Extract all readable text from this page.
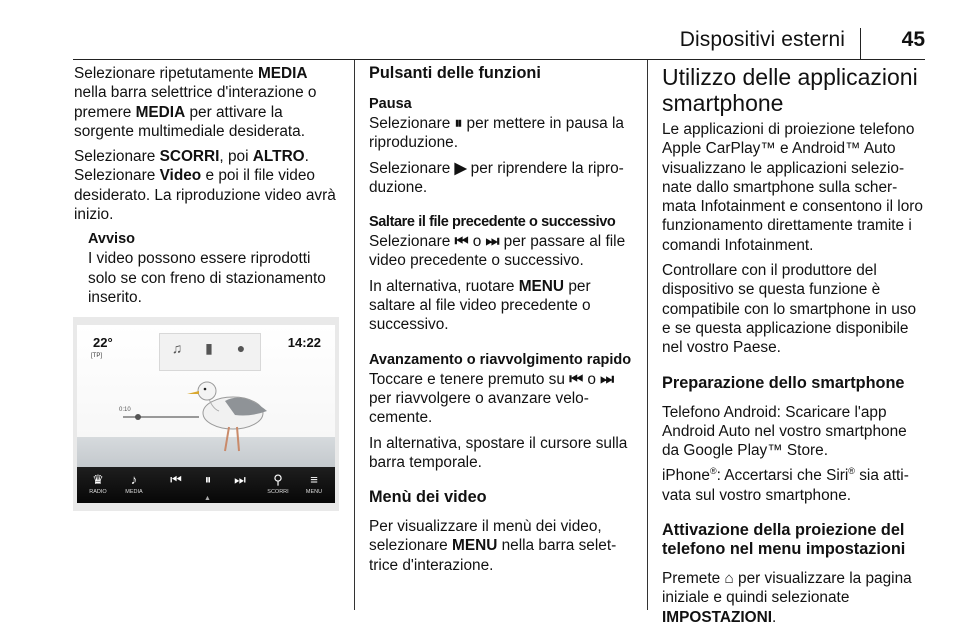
Dispositivi esterni	45

Selezionare ripetutamente MEDIA nella barra selettrice d'interazione o premere MEDIA per attivare la sorgente multimediale desiderata.

Selezionare SCORRI, poi ALTRO. Selezionare Video e poi il file video desiderato. La riproduzione video avrà inizio.

Avviso
I video possono essere riprodotti solo se con freno di stazionamento inserito.
22°
[TP]
14:22
♫	▮	●
0:10
♛
RADIO
♪
MEDIA
⏮	⏸	⏭	⚲
SCORRI
≡
MENU
▲
Pulsanti delle funzioni
Pausa

Selezionare ⏸ per mettere in pausa la riproduzione.

Selezionare ▶ per riprendere la ripro-duzione.

Saltare il file precedente o successivo

Selezionare ⏮ o ⏭ per passare al file video precedente o successivo.

In alternativa, ruotare MENU per saltare al file video precedente o successivo.

Avanzamento o riavvolgimento rapido

Toccare e tenere premuto su ⏮ o ⏭ per riavvolgere o avanzare velo-cemente.

In alternativa, spostare il cursore sulla barra temporale.

Menù dei video

Per visualizzare il menù dei video, selezionare MENU nella barra selet-trice d'interazione.

Utilizzo delle applicazioni smartphone

Le applicazioni di proiezione telefono Apple CarPlay™ e Android™ Auto visualizzano le applicazioni selezio-nate dallo smartphone sulla scher-mata Infotainment e consentono il loro funzionamento direttamente tramite i comandi Infotainment.

Controllare con il produttore del dispositivo se questa funzione è compatibile con lo smartphone in uso e se questa applicazione disponibile nel vostro Paese.

Preparazione dello smartphone

Telefono Android: Scaricare l'app Android Auto nel vostro smartphone da Google Play™ Store.

iPhone®: Accertarsi che Siri® sia atti-vata sul vostro smartphone.

Attivazione della proiezione del telefono nel menu impostazioni

Premete ⌂ per visualizzare la pagina iniziale e quindi selezionate IMPOSTAZIONI.
